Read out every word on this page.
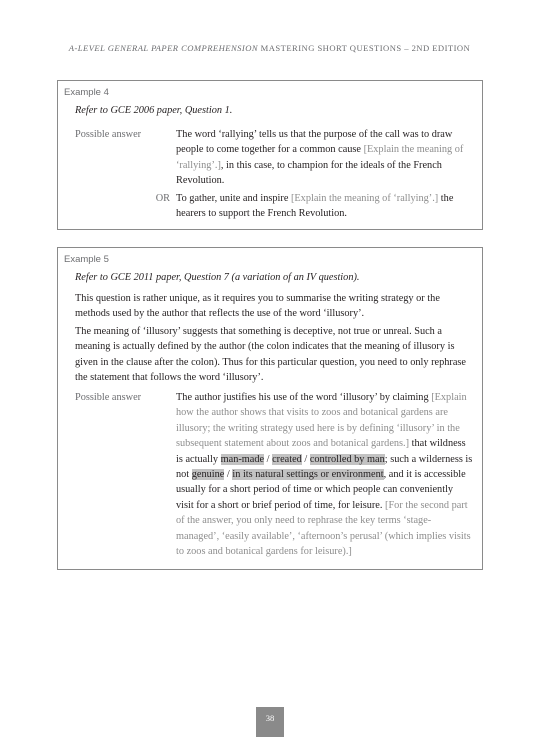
A-LEVEL GENERAL PAPER COMPREHENSION MASTERING SHORT QUESTIONS – 2ND EDITION
Example 4
Refer to GCE 2006 paper, Question 1.
Possible answer	The word ‘rallying’ tells us that the purpose of the call was to draw people to come together for a common cause [Explain the meaning of ‘rallying’.], in this case, to champion for the ideals of the French Revolution.
OR To gather, unite and inspire [Explain the meaning of ‘rallying’.] the hearers to support the French Revolution.
Example 5
Refer to GCE 2011 paper, Question 7 (a variation of an IV question).
This question is rather unique, as it requires you to summarise the writing strategy or the methods used by the author that reflects the use of the word ‘illusory’.
The meaning of ‘illusory’ suggests that something is deceptive, not true or unreal. Such a meaning is actually defined by the author (the colon indicates that the meaning of illusory is given in the clause after the colon). Thus for this particular question, you need to only rephrase the statement that follows the word ‘illusory’.
Possible answer	The author justifies his use of the word ‘illusory’ by claiming [Explain how the author shows that visits to zoos and botanical gardens are illusory; the writing strategy used here is by defining ‘illusory’ in the subsequent statement about zoos and botanical gardens.] that wildness is actually man-made / created / controlled by man; such a wilderness is not genuine / in its natural settings or environment, and it is accessible usually for a short period of time or which people can conveniently visit for a short or brief period of time, for leisure. [For the second part of the answer, you only need to rephrase the key terms ‘stage-managed’, ‘easily available’, ‘afternoon’s perusal’ (which implies visits to zoos and botanical gardens for leisure).]
38
